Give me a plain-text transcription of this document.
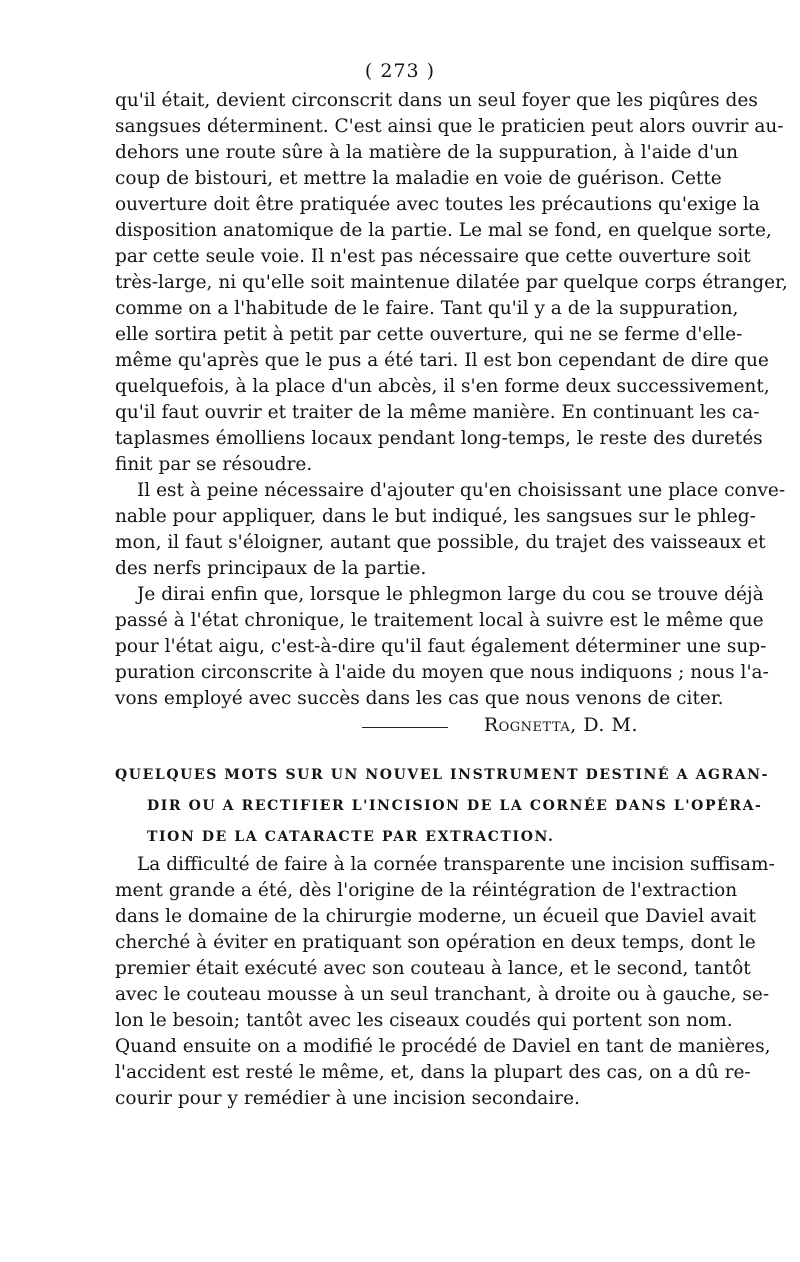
( 273 )
qu'il était, devient circonscrit dans un seul foyer que les piqûres des
sangsues déterminent. C'est ainsi que le praticien peut alors ouvrir au-
dehors une route sûre à la matière de la suppuration, à l'aide d'un
coup de bistouri, et mettre la maladie en voie de guérison. Cette
ouverture doit être pratiquée avec toutes les précautions qu'exige la
disposition anatomique de la partie. Le mal se fond, en quelque sorte,
par cette seule voie. Il n'est pas nécessaire que cette ouverture soit
très-large, ni qu'elle soit maintenue dilatée par quelque corps étranger,
comme on a l'habitude de le faire. Tant qu'il y a de la suppuration,
elle sortira petit à petit par cette ouverture, qui ne se ferme d'elle-
même qu'après que le pus a été tari. Il est bon cependant de dire que
quelquefois, à la place d'un abcès, il s'en forme deux successivement,
qu'il faut ouvrir et traiter de la même manière. En continuant les ca-
taplasmes émolliens locaux pendant long-temps, le reste des duretés
finit par se résoudre.
Il est à peine nécessaire d'ajouter qu'en choisissant une place conve-
nable pour appliquer, dans le but indiqué, les sangsues sur le phleg-
mon, il faut s'éloigner, autant que possible, du trajet des vaisseaux et
des nerfs principaux de la partie.
Je dirai enfin que, lorsque le phlegmon large du cou se trouve déjà
passé à l'état chronique, le traitement local à suivre est le même que
pour l'état aigu, c'est-à-dire qu'il faut également déterminer une sup-
puration circonscrite à l'aide du moyen que nous indiquons ; nous l'a-
vons employé avec succès dans les cas que nous venons de citer.
Rognetta, D. M.
QUELQUES MOTS SUR UN NOUVEL INSTRUMENT DESTINÉ A AGRAN-
DIR OU A RECTIFIER L'INCISION DE LA CORNÉE DANS L'OPÉRA-
TION DE LA CATARACTE PAR EXTRACTION.
La difficulté de faire à la cornée transparente une incision suffisam-
ment grande a été, dès l'origine de la réintégration de l'extraction
dans le domaine de la chirurgie moderne, un écueil que Daviel avait
cherché à éviter en pratiquant son opération en deux temps, dont le
premier était exécuté avec son couteau à lance, et le second, tantôt
avec le couteau mousse à un seul tranchant, à droite ou à gauche, se-
lon le besoin; tantôt avec les ciseaux coudés qui portent son nom.
Quand ensuite on a modifié le procédé de Daviel en tant de manières,
l'accident est resté le même, et, dans la plupart des cas, on a dû re-
courir pour y remédier à une incision secondaire.
